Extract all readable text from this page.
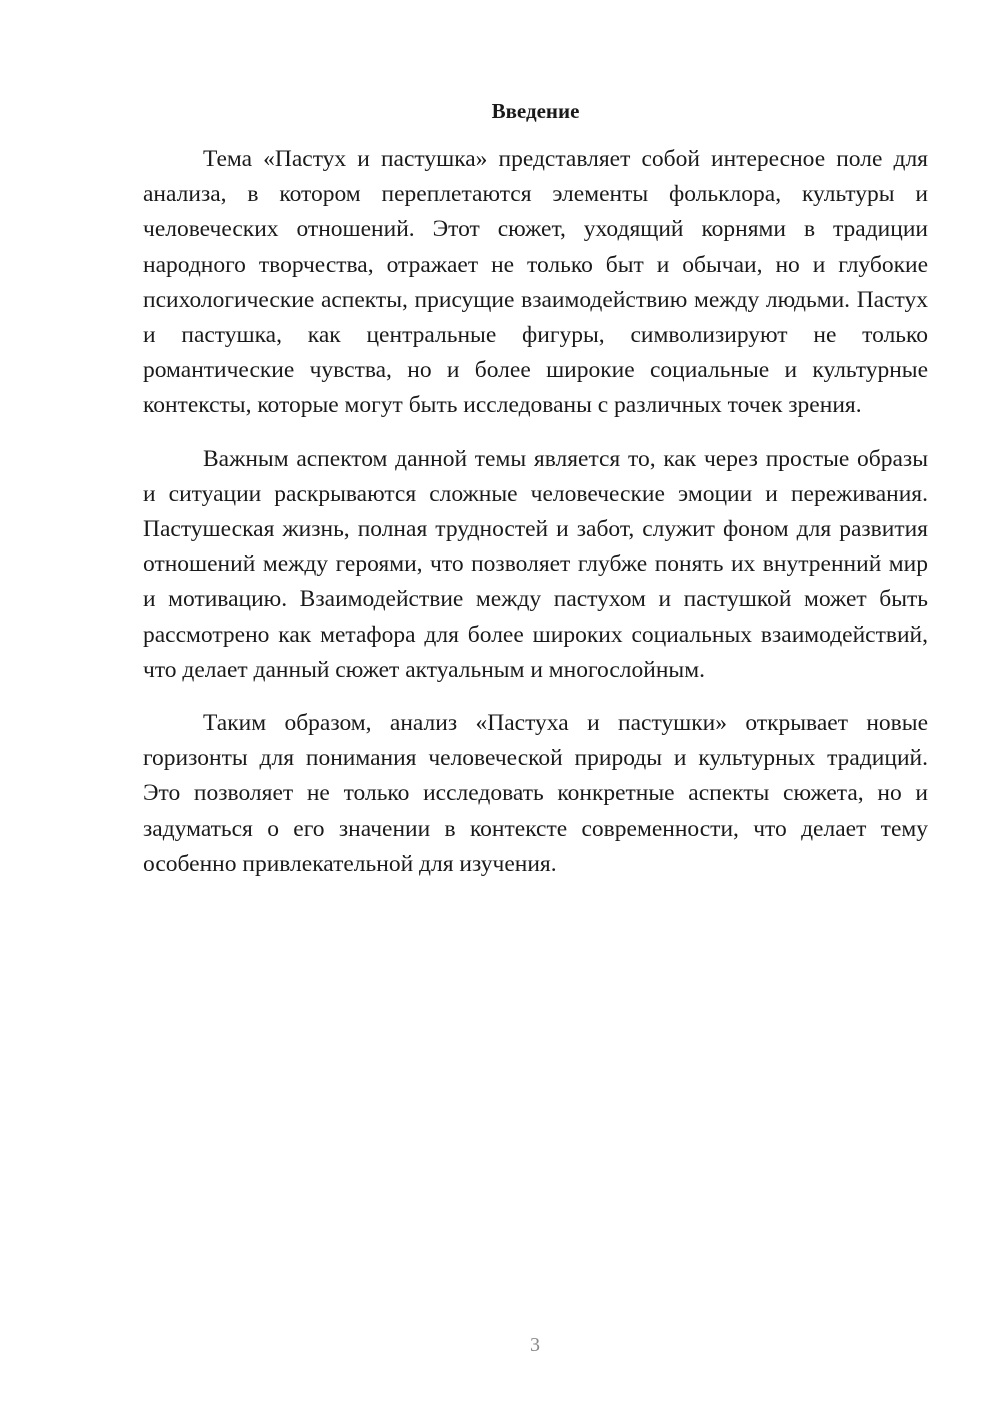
Введение

Тема «Пастух и пастушка» представляет собой интересное поле для анализа, в котором переплетаются элементы фольклора, культуры и человеческих отношений. Этот сюжет, уходящий корнями в традиции народного творчества, отражает не только быт и обычаи, но и глубокие психологические аспекты, присущие взаимодействию между людьми. Пастух и пастушка, как центральные фигуры, символизируют не только романтические чувства, но и более широкие социальные и культурные контексты, которые могут быть исследованы с различных точек зрения.

Важным аспектом данной темы является то, как через простые образы и ситуации раскрываются сложные человеческие эмоции и переживания. Пастушеская жизнь, полная трудностей и забот, служит фоном для развития отношений между героями, что позволяет глубже понять их внутренний мир и мотивацию. Взаимодействие между пастухом и пастушкой может быть рассмотрено как метафора для более широких социальных взаимодействий, что делает данный сюжет актуальным и многослойным.

Таким образом, анализ «Пастуха и пастушки» открывает новые горизонты для понимания человеческой природы и культурных традиций. Это позволяет не только исследовать конкретные аспекты сюжета, но и задуматься о его значении в контексте современности, что делает тему особенно привлекательной для изучения.

3
